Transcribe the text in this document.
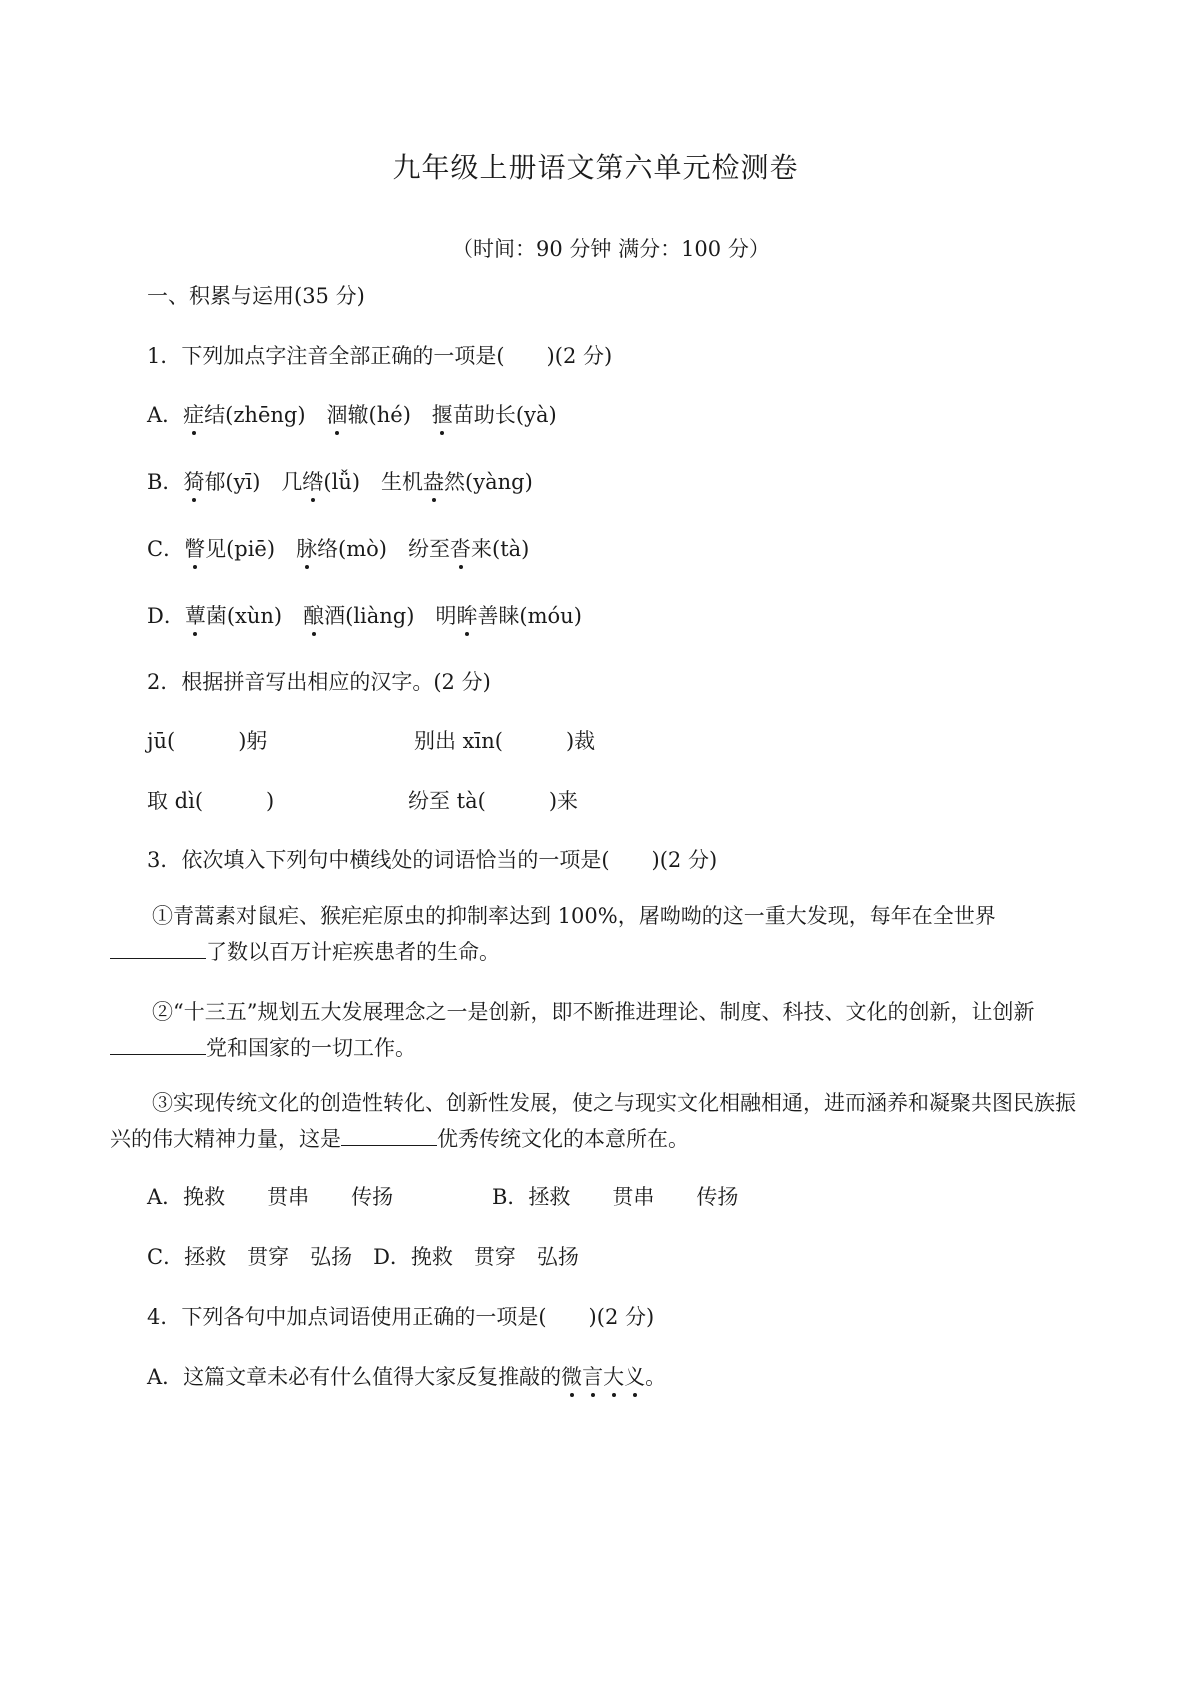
九年级上册语文第六单元检测卷
（时间：90 分钟 满分：100 分）
一、积累与运用(35 分)
1．下列加点字注音全部正确的一项是(　　)(2 分)
A．症结(zhēng)　涸辙(hé)　揠苗助长(yà)
B．猗郁(yī)　几绺(lǚ)　生机盎然(yàng)
C．瞥见(piē)　脉络(mò)　纷至沓来(tà)
D．蕈菌(xùn)　酿酒(liàng)　明眸善睐(móu)
2．根据拼音写出相应的汉字。(2 分)
jū(　　　)躬	别出 xīn(　　　)裁
取 dì(　　　)	纷至 tà(　　　)来
3．依次填入下列句中横线处的词语恰当的一项是(　　)(2 分)
　　①青蒿素对鼠疟、猴疟疟原虫的抑制率达到 100%，屠呦呦的这一重大发现，每年在全世界了数以百万计疟疾患者的生命。
　　②“十三五”规划五大发展理念之一是创新，即不断推进理论、制度、科技、文化的创新，让创新党和国家的一切工作。
　　③实现传统文化的创造性转化、创新性发展，使之与现实文化相融相通，进而涵养和凝聚共图民族振兴的伟大精神力量，这是	优秀传统文化的本意所在。
A．挽救　　贯串　　传扬	B．拯救　　贯串　　传扬
C．拯救　贯穿　弘扬　D．挽救　贯穿　弘扬
4．下列各句中加点词语使用正确的一项是(　　)(2 分)
A．这篇文章未必有什么值得大家反复推敲的微言大义。
